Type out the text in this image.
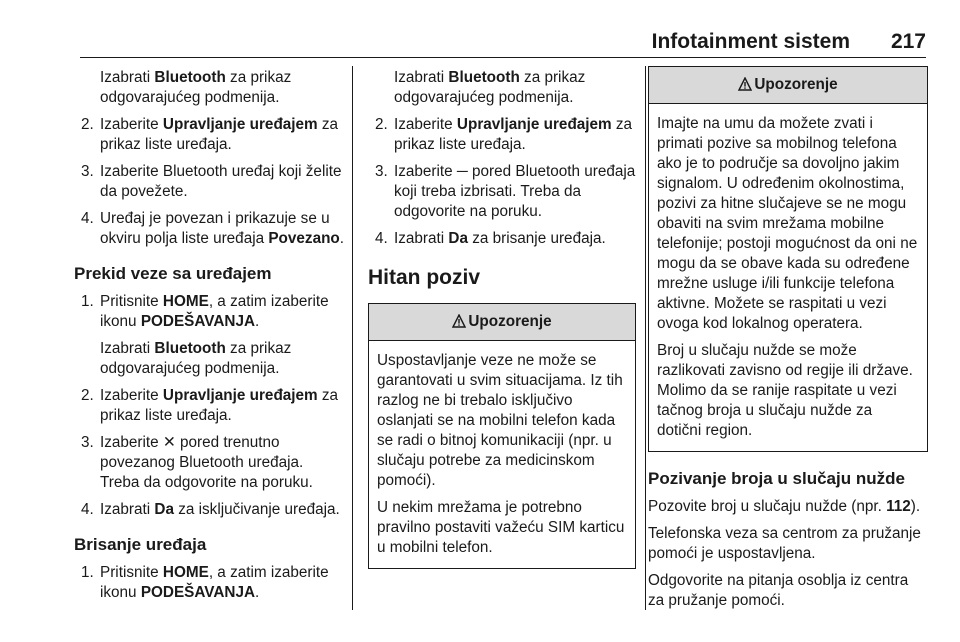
Infotainment sistem 217

Izabrati Bluetooth za prikaz odgovarajućeg podmenija.

2. Izaberite Upravljanje uređajem za prikaz liste uređaja.
3. Izaberite Bluetooth uređaj koji želite da povežete.
4. Uređaj je povezan i prikazuje se u okviru polja liste uređaja Povezano.
Prekid veze sa uređajem
1. Pritisnite HOME, a zatim izaberite ikonu PODEŠAVANJA.

Izabrati Bluetooth za prikaz odgovarajućeg podmenija.

2. Izaberite Upravljanje uređajem za prikaz liste uređaja.
3. Izaberite ✕ pored trenutno povezanog Bluetooth uređaja. Treba da odgovorite na poruku.
4. Izabrati Da za isključivanje uređaja.
Brisanje uređaja
1. Pritisnite HOME, a zatim izaberite ikonu PODEŠAVANJA.

Izabrati Bluetooth za prikaz odgovarajućeg podmenija.

2. Izaberite Upravljanje uređajem za prikaz liste uređaja.
3. Izaberite ─ pored Bluetooth uređaja koji treba izbrisati. Treba da odgovorite na poruku.
4. Izabrati Da za brisanje uređaja.
Hitan poziv
Upozorenje

Uspostavljanje veze ne može se garantovati u svim situacijama. Iz tih razlog ne bi trebalo isključivo oslanjati se na mobilni telefon kada se radi o bitnoj komunikaciji (npr. u slučaju potrebe za medicinskom pomoći).

U nekim mrežama je potrebno pravilno postaviti važeću SIM karticu u mobilni telefon.

Upozorenje

Imajte na umu da možete zvati i primati pozive sa mobilnog telefona ako je to područje sa dovoljno jakim signalom. U određenim okolnostima, pozivi za hitne slučajeve se ne mogu obaviti na svim mrežama mobilne telefonije; postoji mogućnost da oni ne mogu da se obave kada su određene mrežne usluge i/ili funkcije telefona aktivne. Možete se raspitati u vezi ovoga kod lokalnog operatera.

Broj u slučaju nužde se može razlikovati zavisno od regije ili države. Molimo da se ranije raspitate u vezi tačnog broja u slučaju nužde za dotični region.

Pozivanje broja u slučaju nužde

Pozovite broj u slučaju nužde (npr. 112).

Telefonska veza sa centrom za pružanje pomoći je uspostavljena.

Odgovorite na pitanja osoblja iz centra za pružanje pomoći.
